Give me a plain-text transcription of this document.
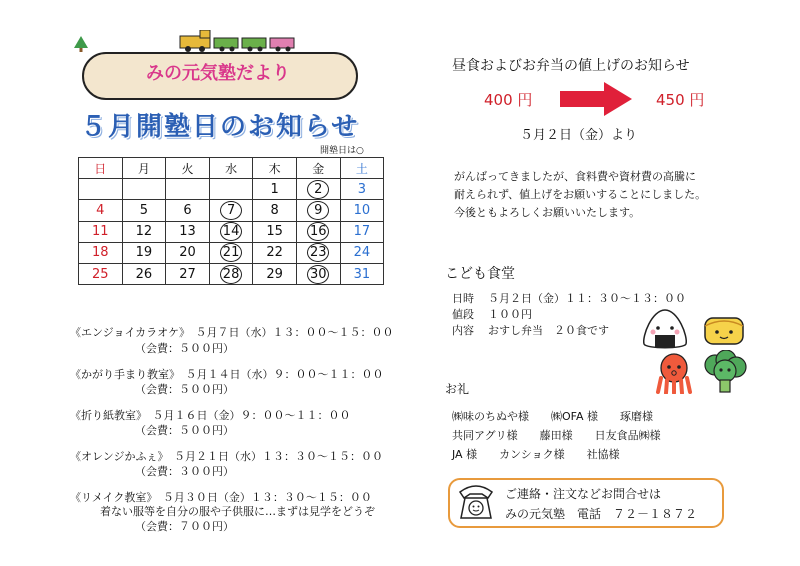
みの元気塾だより
５月開塾日のお知らせ
開塾日は○
日	月	火	水	木	金	土
				1	2	3
4	5	6	7	8	9	10
11	12	13	14	15	16	17
18	19	20	21	22	23	24
25	26	27	28	29	30	31
《エンジョイカラオケ》　５月７日（水）１３：００～１５：００
（会費：５００円）
《かがり手まり教室》　５月１４日（水）９：００～１１：００
（会費：５００円）
《折り紙教室》　５月１６日（金）９：００～１１：００
（会費：５００円）
《オレンジかふぇ》　５月２１日（水）１３：３０～１５：００
（会費：３００円）
《リメイク教室》　５月３０日（金）１３：３０～１５：００
着ない服等を自分の服や子供服に…まずは見学をどうぞ
（会費：７００円）
昼食およびお弁当の値上げのお知らせ
400 円	450 円
５月２日（金）より
がんばってきましたが、食料費や資材費の高騰に
耐えられず、値上げをお願いすることにしました。
今後ともよろしくお願いいたします。
こども食堂
日時 ５月２日（金）１１：３０～１３：００
値段 １００円
内容 おすし弁当　２０食です
お礼
㈱味のちぬや様　　㈱OFA 様　　琢磨様
共同アグリ様　　藤田様　　日友食品㈱様
JA 様　　カンショク様　　社協様
ご連絡・注文などお問合せは
みの元気塾　電話　７２－１８７２
